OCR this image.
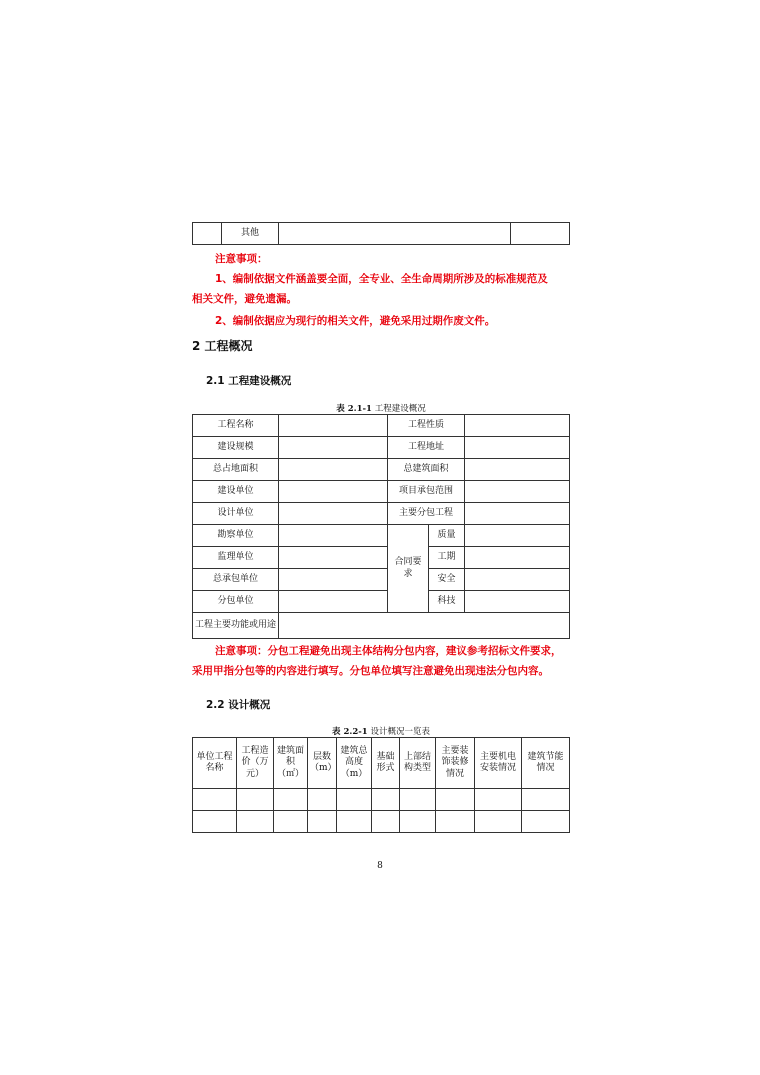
	其他		
注意事项：
1、编制依据文件涵盖要全面，全专业、全生命周期所涉及的标准规范及
相关文件，避免遗漏。
2、编制依据应为现行的相关文件，避免采用过期作废文件。
2 工程概况
2.1 工程建设概况
表 2.1-1 工程建设概况
工程名称		工程性质		
建设规模		工程地址		
总占地面积		总建筑面积		
建设单位		项目承包范围		
设计单位		主要分包工程		
勘察单位		合同要求	质量	
监理单位			工期	
总承包单位			安全	
分包单位			科技	
工程主要功能或用途				
注意事项：分包工程避免出现主体结构分包内容，建议参考招标文件要求，
采用甲指分包等的内容进行填写。分包单位填写注意避免出现违法分包内容。
2.2 设计概况
表 2.2-1 设计概况一览表
单位工程名称	工程造价（万元）	建筑面积（㎡）	层数（m）	建筑总高度（m）	基础形式	上部结构类型	主要装饰装修情况	主要机电安装情况	建筑节能情况

8
